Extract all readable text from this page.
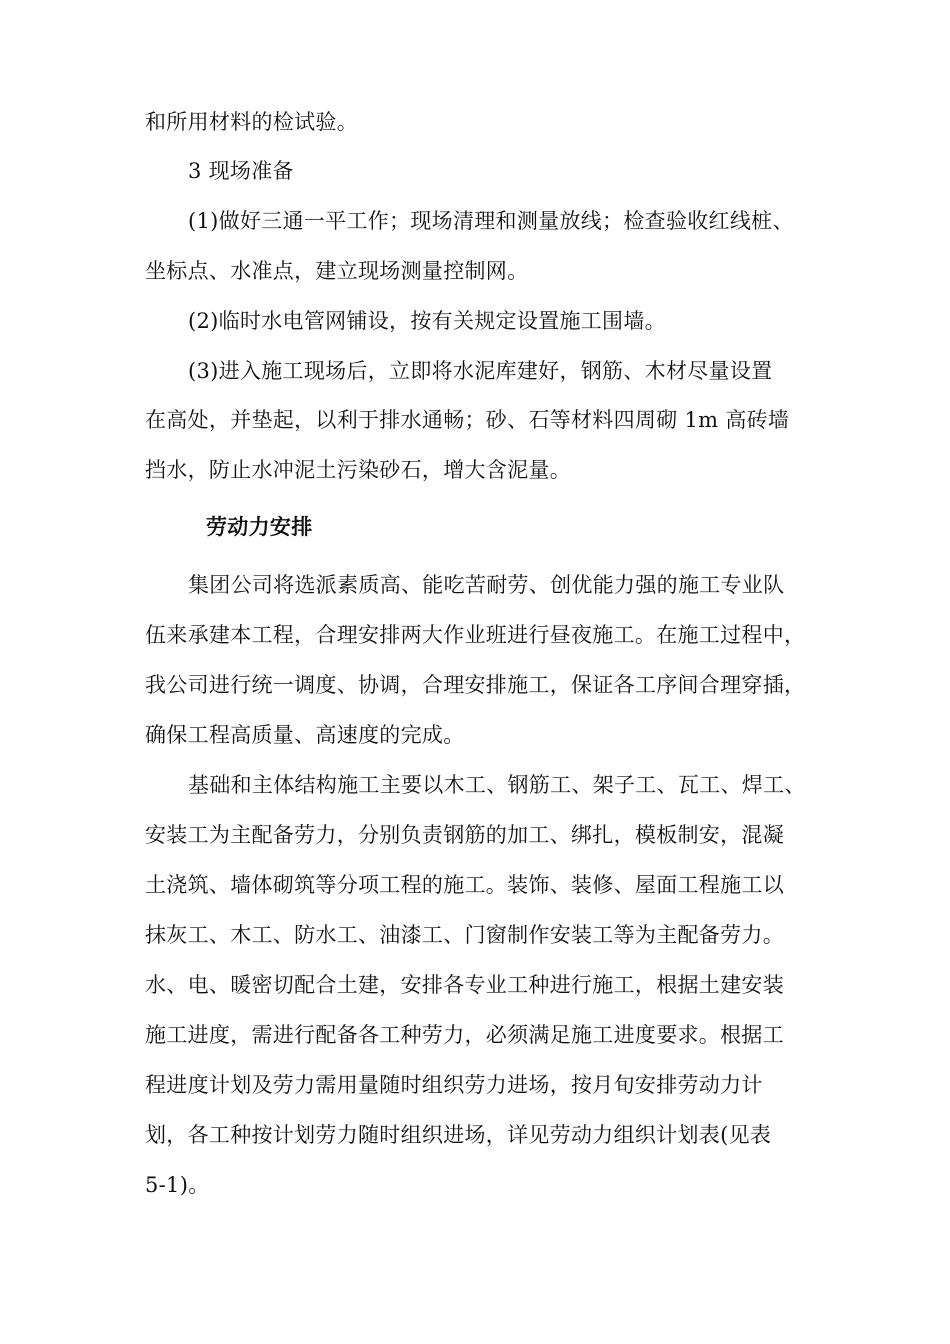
和所用材料的检试验。
3 现场准备
(1)做好三通一平工作；现场清理和测量放线；检查验收红线桩、
坐标点、水准点，建立现场测量控制网。
(2)临时水电管网铺设，按有关规定设置施工围墙。
(3)进入施工现场后，立即将水泥库建好，钢筋、木材尽量设置
在高处，并垫起，以利于排水通畅；砂、石等材料四周砌 1m 高砖墙
挡水，防止水冲泥土污染砂石，增大含泥量。
劳动力安排
集团公司将选派素质高、能吃苦耐劳、创优能力强的施工专业队
伍来承建本工程，合理安排两大作业班进行昼夜施工。在施工过程中，
我公司进行统一调度、协调，合理安排施工，保证各工序间合理穿插，
确保工程高质量、高速度的完成。
基础和主体结构施工主要以木工、钢筋工、架子工、瓦工、焊工、
安装工为主配备劳力，分别负责钢筋的加工、绑扎，模板制安，混凝
土浇筑、墙体砌筑等分项工程的施工。装饰、装修、屋面工程施工以
抹灰工、木工、防水工、油漆工、门窗制作安装工等为主配备劳力。
水、电、暖密切配合土建，安排各专业工种进行施工，根据土建安装
施工进度，需进行配备各工种劳力，必须满足施工进度要求。根据工
程进度计划及劳力需用量随时组织劳力进场，按月旬安排劳动力计
划，各工种按计划劳力随时组织进场，详见劳动力组织计划表(见表
5-1)。
